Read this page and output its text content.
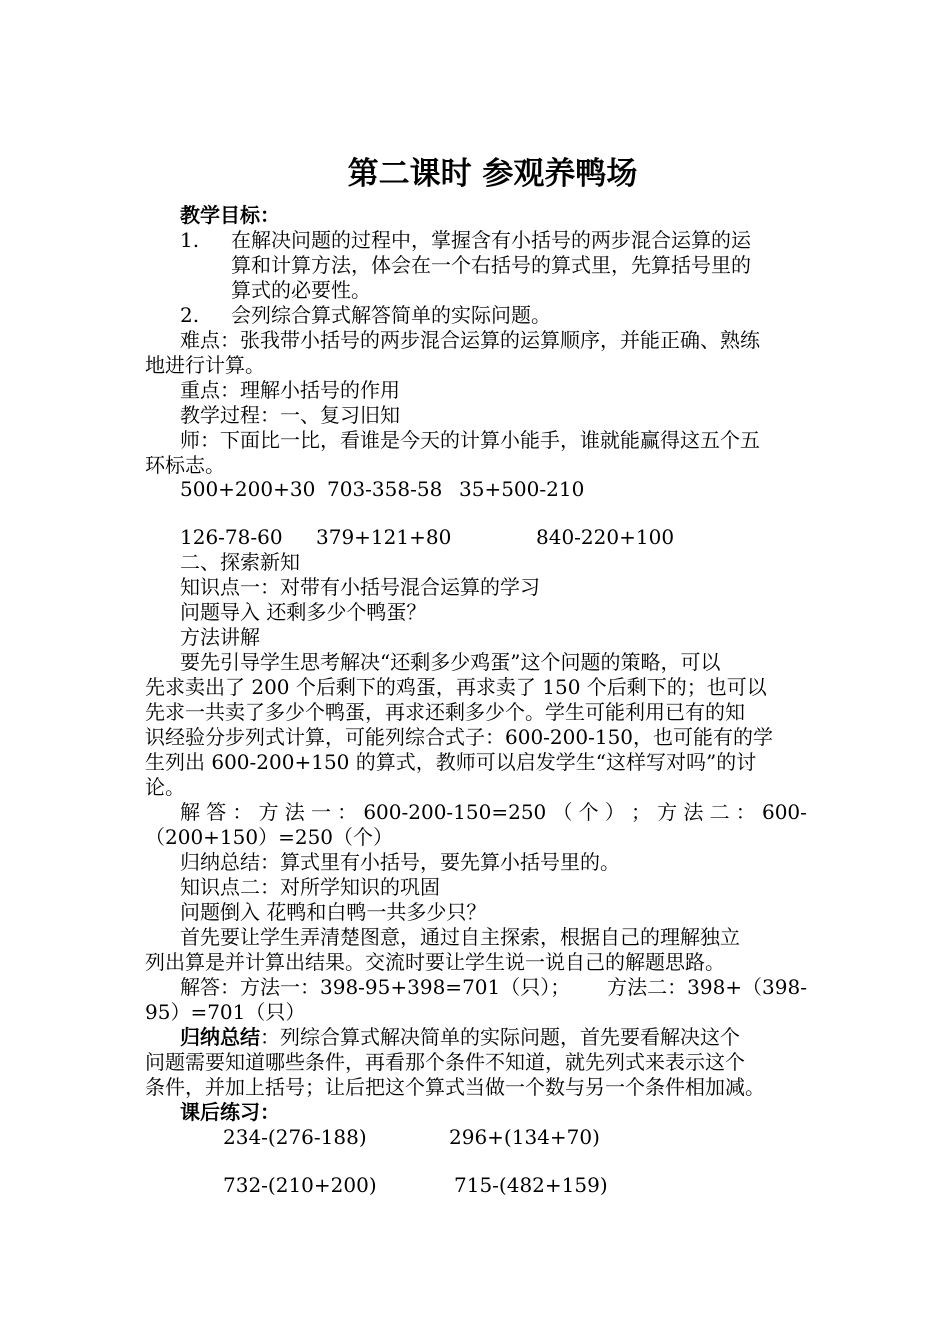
第二课时 参观养鸭场
教学目标：
1. 在解决问题的过程中，掌握含有小括号的两步混合运算的运
算和计算方法，体会在一个右括号的算式里，先算括号里的
算式的必要性。
2. 会列综合算式解答简单的实际问题。
难点：张我带小括号的两步混合运算的运算顺序，并能正确、熟练
地进行计算。
重点：理解小括号的作用
教学过程：一、复习旧知
师：下面比一比，看谁是今天的计算小能手，谁就能赢得这五个五
环标志。
500+200+30 703-358-58 35+500-210
126-78-60 379+121+80	840-220+100
二、探索新知
知识点一：对带有小括号混合运算的学习
问题导入 还剩多少个鸭蛋？
方法讲解
要先引导学生思考解决“还剩多少鸡蛋”这个问题的策略，可以
先求卖出了 200 个后剩下的鸡蛋，再求卖了 150 个后剩下的；也可以
先求一共卖了多少个鸭蛋，再求还剩多少个。学生可能利用已有的知
识经验分步列式计算，可能列综合式子：600-200-150，也可能有的学
生列出 600-200+150 的算式，教师可以启发学生“这样写对吗”的讨
论。
解 答 ： 方 法 一 ： 600-200-150=250 （ 个 ） ； 方 法 二 ： 600-
（200+150）=250（个）
归纳总结：算式里有小括号，要先算小括号里的。
知识点二：对所学知识的巩固
问题倒入 花鸭和白鸭一共多少只？
首先要让学生弄清楚图意，通过自主探索，根据自己的理解独立
列出算是并计算出结果。交流时要让学生说一说自己的解题思路。
解答：方法一：398-95+398=701（只）； 方法二：398+（398-
95）=701（只）
归纳总结：列综合算式解决简单的实际问题，首先要看解决这个
问题需要知道哪些条件，再看那个条件不知道，就先列式来表示这个
条件，并加上括号；让后把这个算式当做一个数与另一个条件相加减。
课后练习：
234-(276-188)	296+(134+70)
732-(210+200)	715-(482+159)
